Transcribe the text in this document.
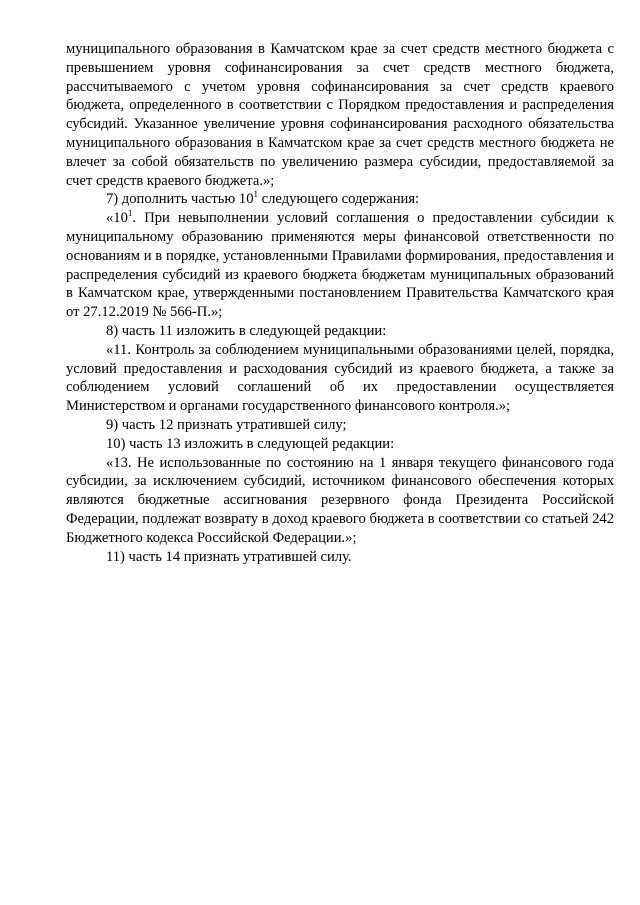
муниципального образования в Камчатском крае за счет средств местного бюджета с превышением уровня софинансирования за счет средств местного бюджета, рассчитываемого с учетом уровня софинансирования за счет средств краевого бюджета, определенного в соответствии с Порядком предоставления и распределения субсидий. Указанное увеличение уровня софинансирования расходного обязательства муниципального образования в Камчатском крае за счет средств местного бюджета не влечет за собой обязательств по увеличению размера субсидии, предоставляемой за счет средств краевого бюджета.»;

7) дополнить частью $10^1$ следующего содержания:

«$10^1$. При невыполнении условий соглашения о предоставлении субсидии к муниципальному образованию применяются меры финансовой ответственности по основаниям и в порядке, установленными Правилами формирования, предоставления и распределения субсидий из краевого бюджета бюджетам муниципальных образований в Камчатском крае, утвержденными постановлением Правительства Камчатского края от 27.12.2019 № 566-П.»;

8) часть 11 изложить в следующей редакции:

«11. Контроль за соблюдением муниципальными образованиями целей, порядка, условий предоставления и расходования субсидий из краевого бюджета, а также за соблюдением условий соглашений об их предоставлении осуществляется Министерством и органами государственного финансового контроля.»;

9) часть 12 признать утратившей силу;

10) часть 13 изложить в следующей редакции:

«13. Не использованные по состоянию на 1 января текущего финансового года субсидии, за исключением субсидий, источником финансового обеспечения которых являются бюджетные ассигнования резервного фонда Президента Российской Федерации, подлежат возврату в доход краевого бюджета в соответствии со статьей 242 Бюджетного кодекса Российской Федерации.»;

11) часть 14 признать утратившей силу.
